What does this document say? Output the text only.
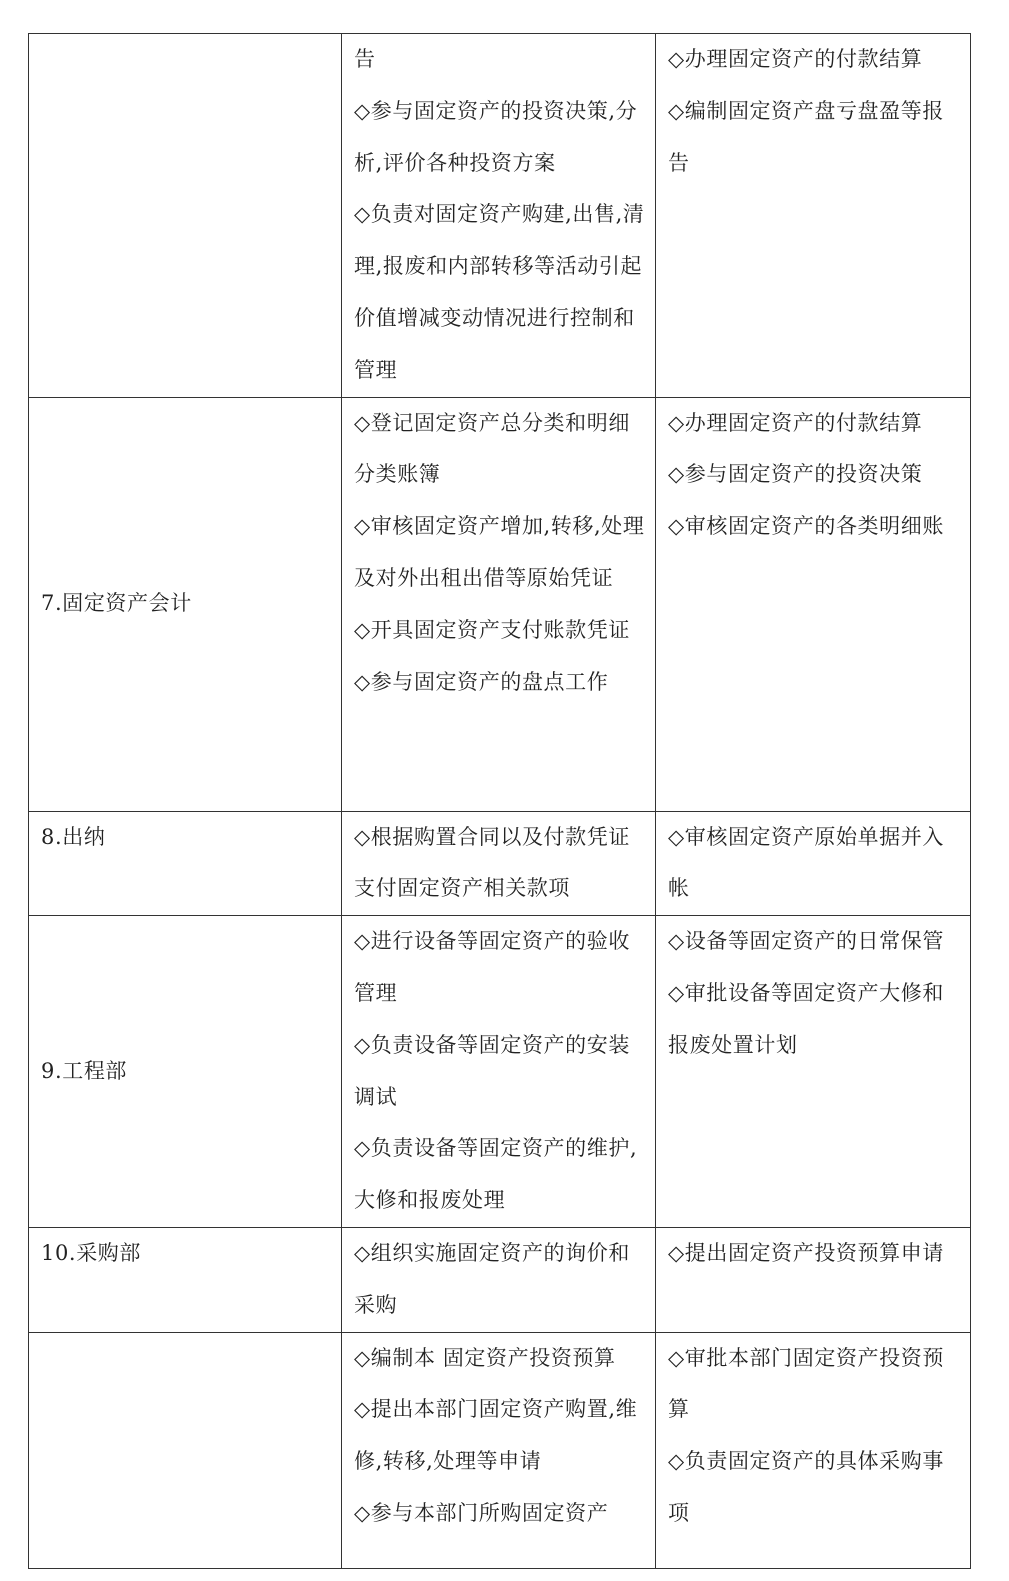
	告
◇参与固定资产的投资决策,分析,评价各种投资方案
◇负责对固定资产购建,出售,清理,报废和内部转移等活动引起价值增减变动情况进行控制和管理	◇办理固定资产的付款结算
◇编制固定资产盘亏盘盈等报告

7.固定资产会计	◇登记固定资产总分类和明细分类账簿
◇审核固定资产增加,转移,处理及对外出租出借等原始凭证
◇开具固定资产支付账款凭证
◇参与固定资产的盘点工作	◇办理固定资产的付款结算
◇参与固定资产的投资决策
◇审核固定资产的各类明细账

8.出纳	◇根据购置合同以及付款凭证支付固定资产相关款项	◇审核固定资产原始单据并入帐

9.工程部	◇进行设备等固定资产的验收管理
◇负责设备等固定资产的安装调试
◇负责设备等固定资产的维护,大修和报废处理	◇设备等固定资产的日常保管
◇审批设备等固定资产大修和报废处置计划

10.采购部	◇组织实施固定资产的询价和采购	◇提出固定资产投资预算申请

	◇编制本 固定资产投资预算
◇提出本部门固定资产购置,维修,转移,处理等申请
◇参与本部门所购固定资产	◇审批本部门固定资产投资预算
◇负责固定资产的具体采购事项
